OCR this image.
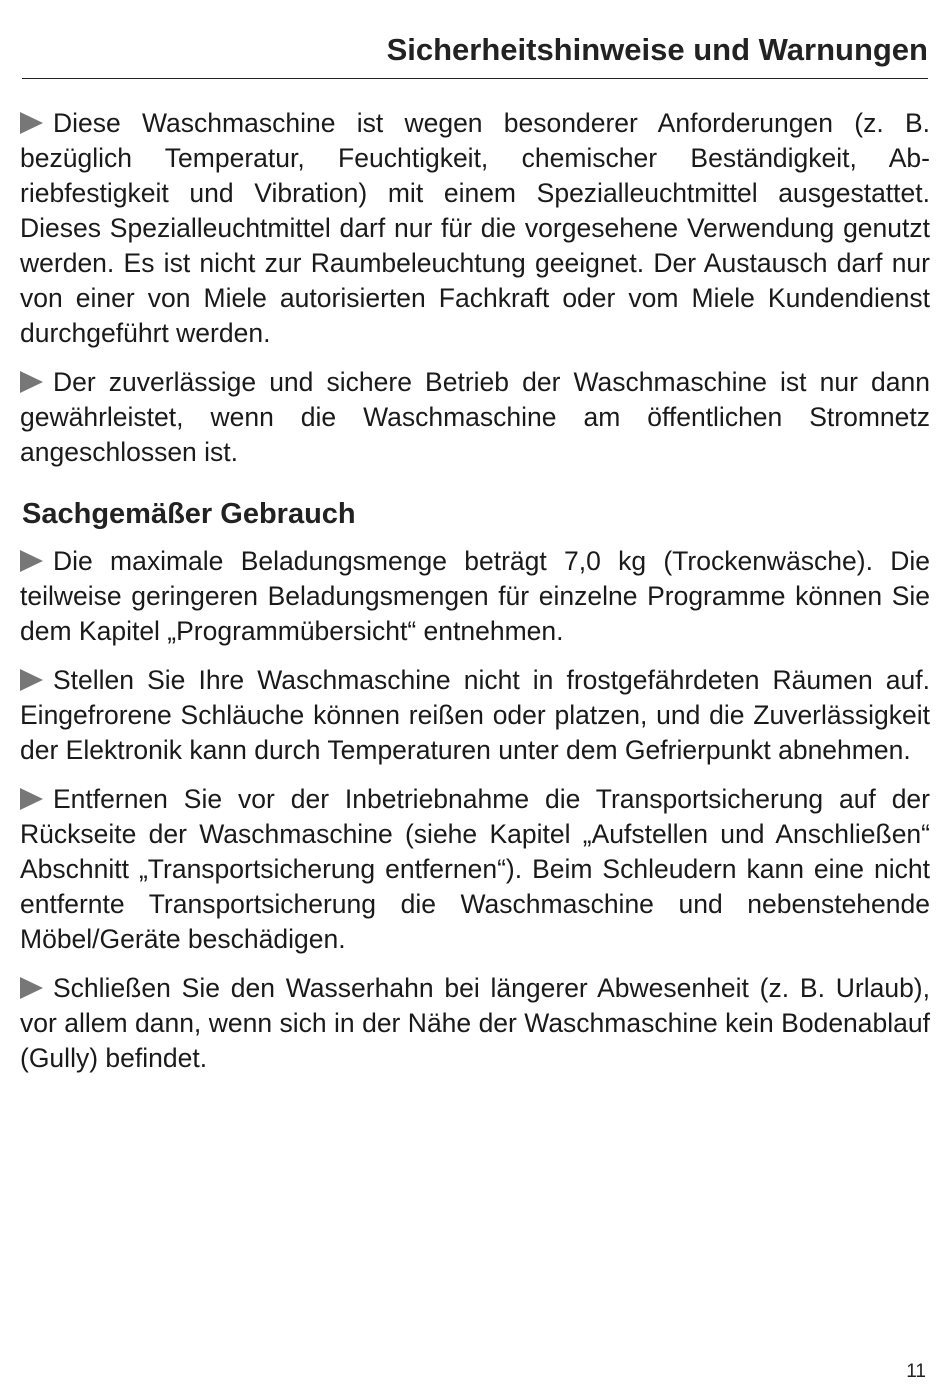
Sicherheitshinweise und Warnungen

Diese Waschmaschine ist wegen besonderer Anforderungen (z. B. bezüglich Temperatur, Feuchtigkeit, chemischer Beständigkeit, Abriebfestigkeit und Vibration) mit einem Spezialleuchtmittel ausgestattet. Dieses Spezialleuchtmittel darf nur für die vorgesehene Verwendung genutzt werden. Es ist nicht zur Raumbeleuchtung geeignet. Der Austausch darf nur von einer von Miele autorisierten Fachkraft oder vom Miele Kundendienst durchgeführt werden.

Der zuverlässige und sichere Betrieb der Waschmaschine ist nur dann gewährleistet, wenn die Waschmaschine am öffentlichen Stromnetz angeschlossen ist.

Sachgemäßer Gebrauch

Die maximale Beladungsmenge beträgt 7,0 kg (Trockenwäsche). Die teilweise geringeren Beladungsmengen für einzelne Programme können Sie dem Kapitel „Programmübersicht“ entnehmen.

Stellen Sie Ihre Waschmaschine nicht in frostgefährdeten Räumen auf. Eingefrorene Schläuche können reißen oder platzen, und die Zuverlässigkeit der Elektronik kann durch Temperaturen unter dem Gefrierpunkt abnehmen.

Entfernen Sie vor der Inbetriebnahme die Transportsicherung auf der Rückseite der Waschmaschine (siehe Kapitel „Aufstellen und Anschließen“ Abschnitt „Transportsicherung entfernen“). Beim Schleudern kann eine nicht entfernte Transportsicherung die Waschmaschine und nebenstehende Möbel/Geräte beschädigen.

Schließen Sie den Wasserhahn bei längerer Abwesenheit (z. B. Urlaub), vor allem dann, wenn sich in der Nähe der Waschmaschine kein Bodenablauf (Gully) befindet.

11
